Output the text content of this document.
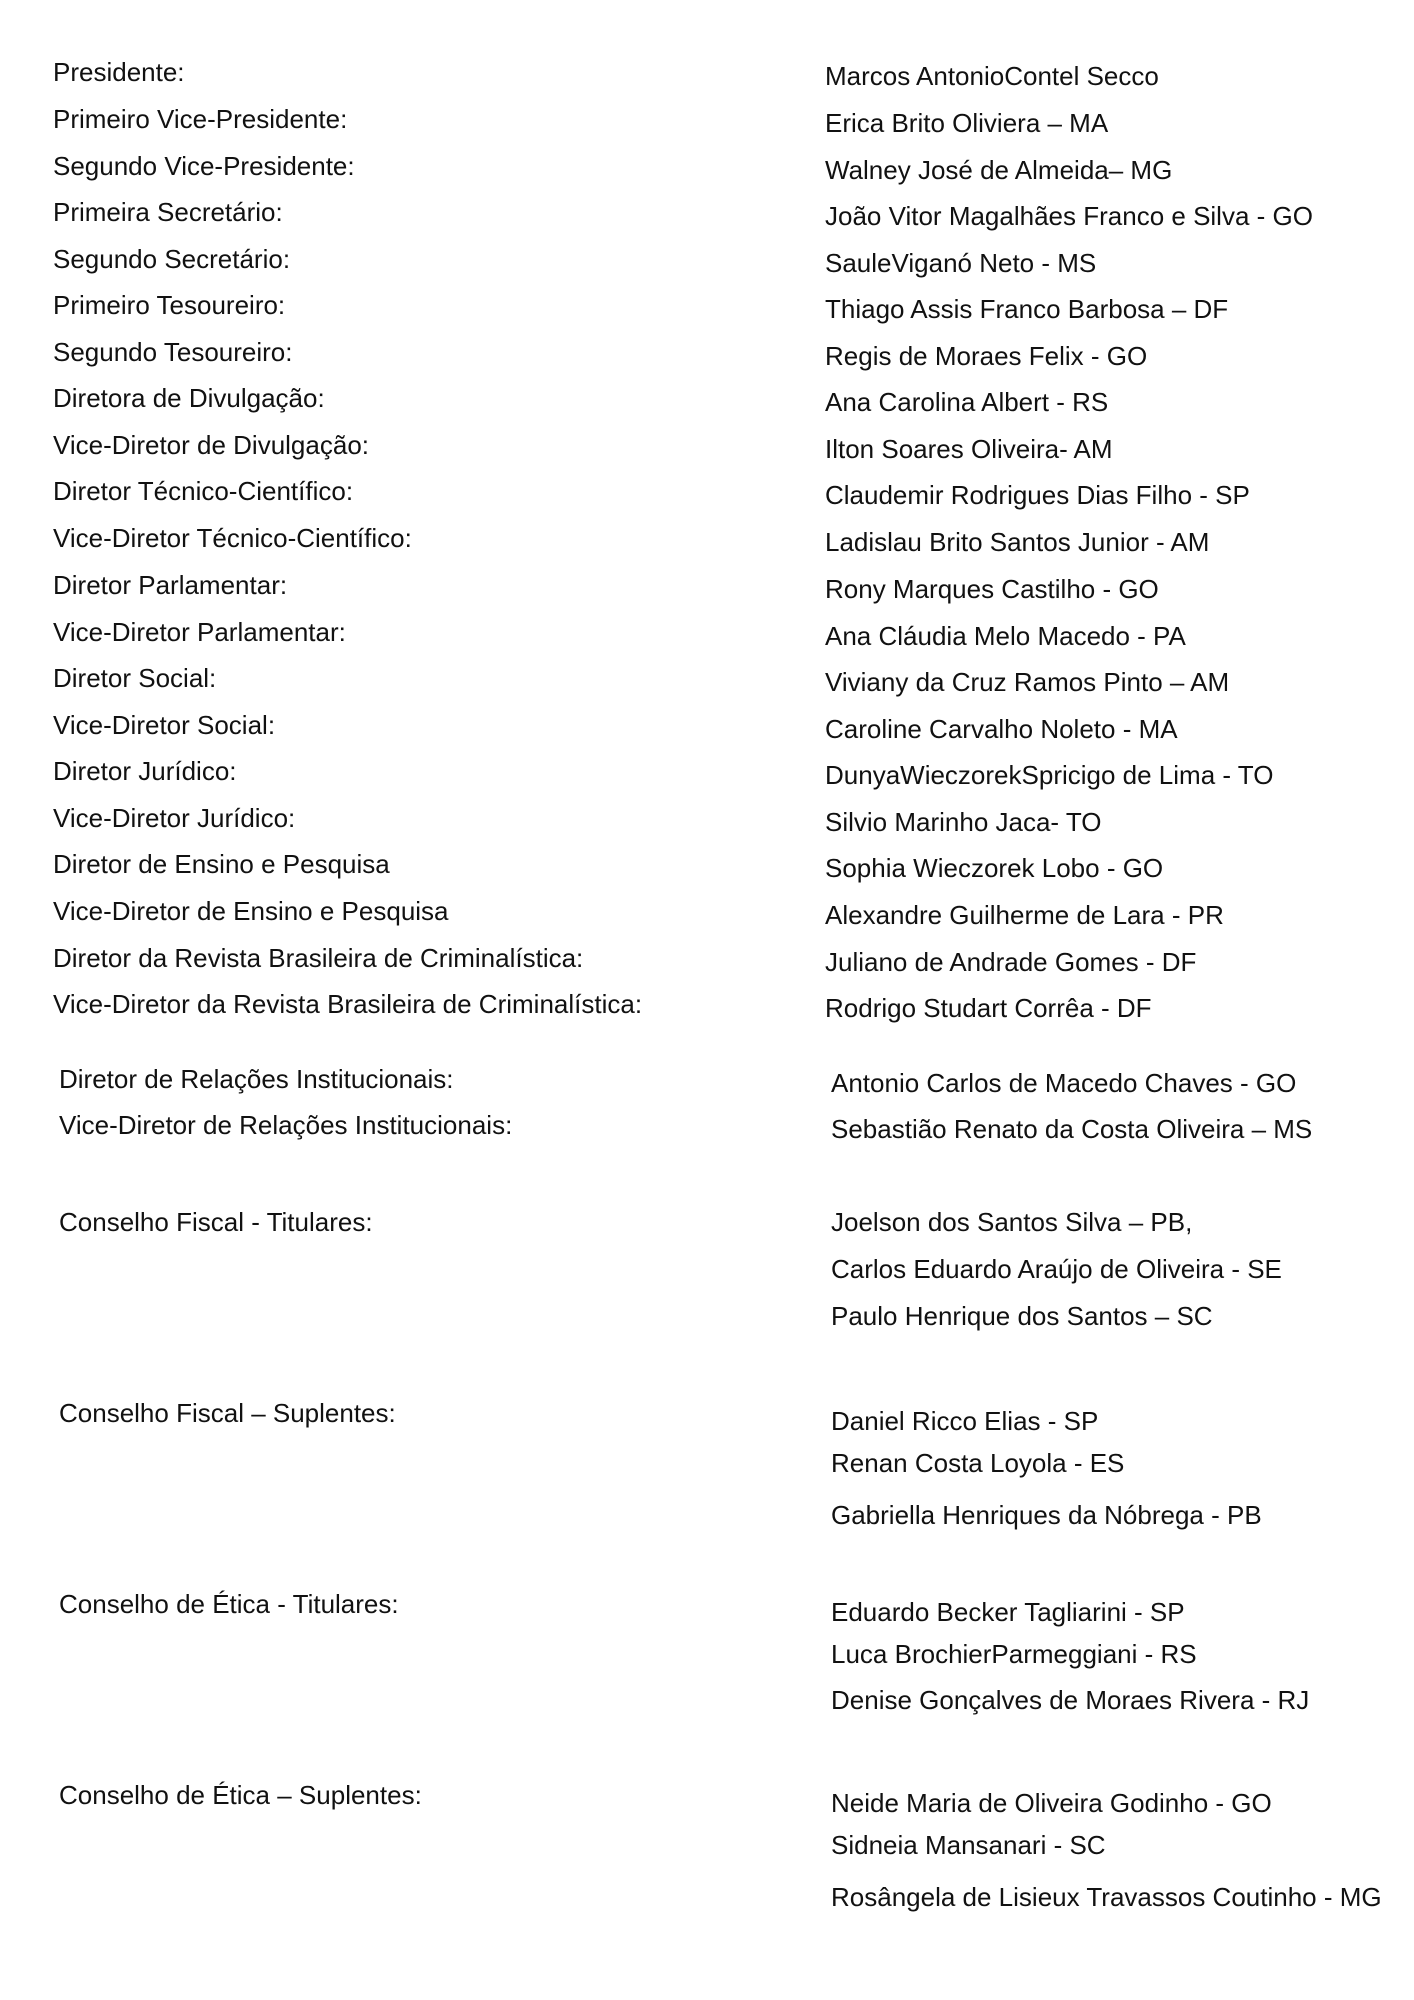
Presidente:	Marcos AntonioContel Secco
Primeiro Vice-Presidente:	Erica Brito Oliviera – MA
Segundo Vice-Presidente:	Walney José de Almeida– MG
Primeira Secretário:	João Vitor Magalhães Franco e Silva - GO
Segundo Secretário:	SauleViganó Neto - MS
Primeiro Tesoureiro:	Thiago Assis Franco Barbosa – DF
Segundo Tesoureiro:	Regis de Moraes Felix - GO
Diretora de Divulgação:	Ana Carolina Albert - RS
Vice-Diretor de Divulgação:	Ilton Soares Oliveira- AM
Diretor Técnico-Científico:	Claudemir Rodrigues Dias Filho - SP
Vice-Diretor Técnico-Científico:	Ladislau Brito Santos Junior - AM
Diretor Parlamentar:	Rony Marques Castilho - GO
Vice-Diretor Parlamentar:	Ana Cláudia Melo Macedo - PA
Diretor Social:	Viviany da Cruz Ramos Pinto – AM
Vice-Diretor Social:	Caroline Carvalho Noleto - MA
Diretor Jurídico:	DunyaWieczorekSpricigo de Lima - TO
Vice-Diretor Jurídico:	Silvio Marinho Jaca- TO
Diretor de Ensino e Pesquisa	Sophia Wieczorek Lobo - GO
Vice-Diretor de Ensino e Pesquisa	Alexandre Guilherme de Lara - PR
Diretor da Revista Brasileira de Criminalística:	Juliano de Andrade Gomes - DF
Vice-Diretor da Revista Brasileira de Criminalística:	Rodrigo Studart Corrêa - DF
Diretor de Relações Institucionais:	Antonio Carlos de Macedo Chaves - GO
Vice-Diretor de Relações Institucionais:	Sebastião Renato da Costa Oliveira – MS
Conselho Fiscal - Titulares:	Joelson dos Santos Silva – PB,
Carlos Eduardo Araújo de Oliveira - SE
Paulo Henrique dos Santos – SC
Conselho Fiscal – Suplentes:	Daniel Ricco Elias - SP
Renan Costa Loyola - ES
Gabriella Henriques da Nóbrega - PB
Conselho de Ética - Titulares:	Eduardo Becker Tagliarini - SP
Luca BrochierParmeggiani - RS
Denise Gonçalves de Moraes Rivera - RJ
Conselho de Ética – Suplentes:	Neide Maria de Oliveira Godinho - GO
Sidneia Mansanari - SC
Rosângela de Lisieux Travassos Coutinho - MG
